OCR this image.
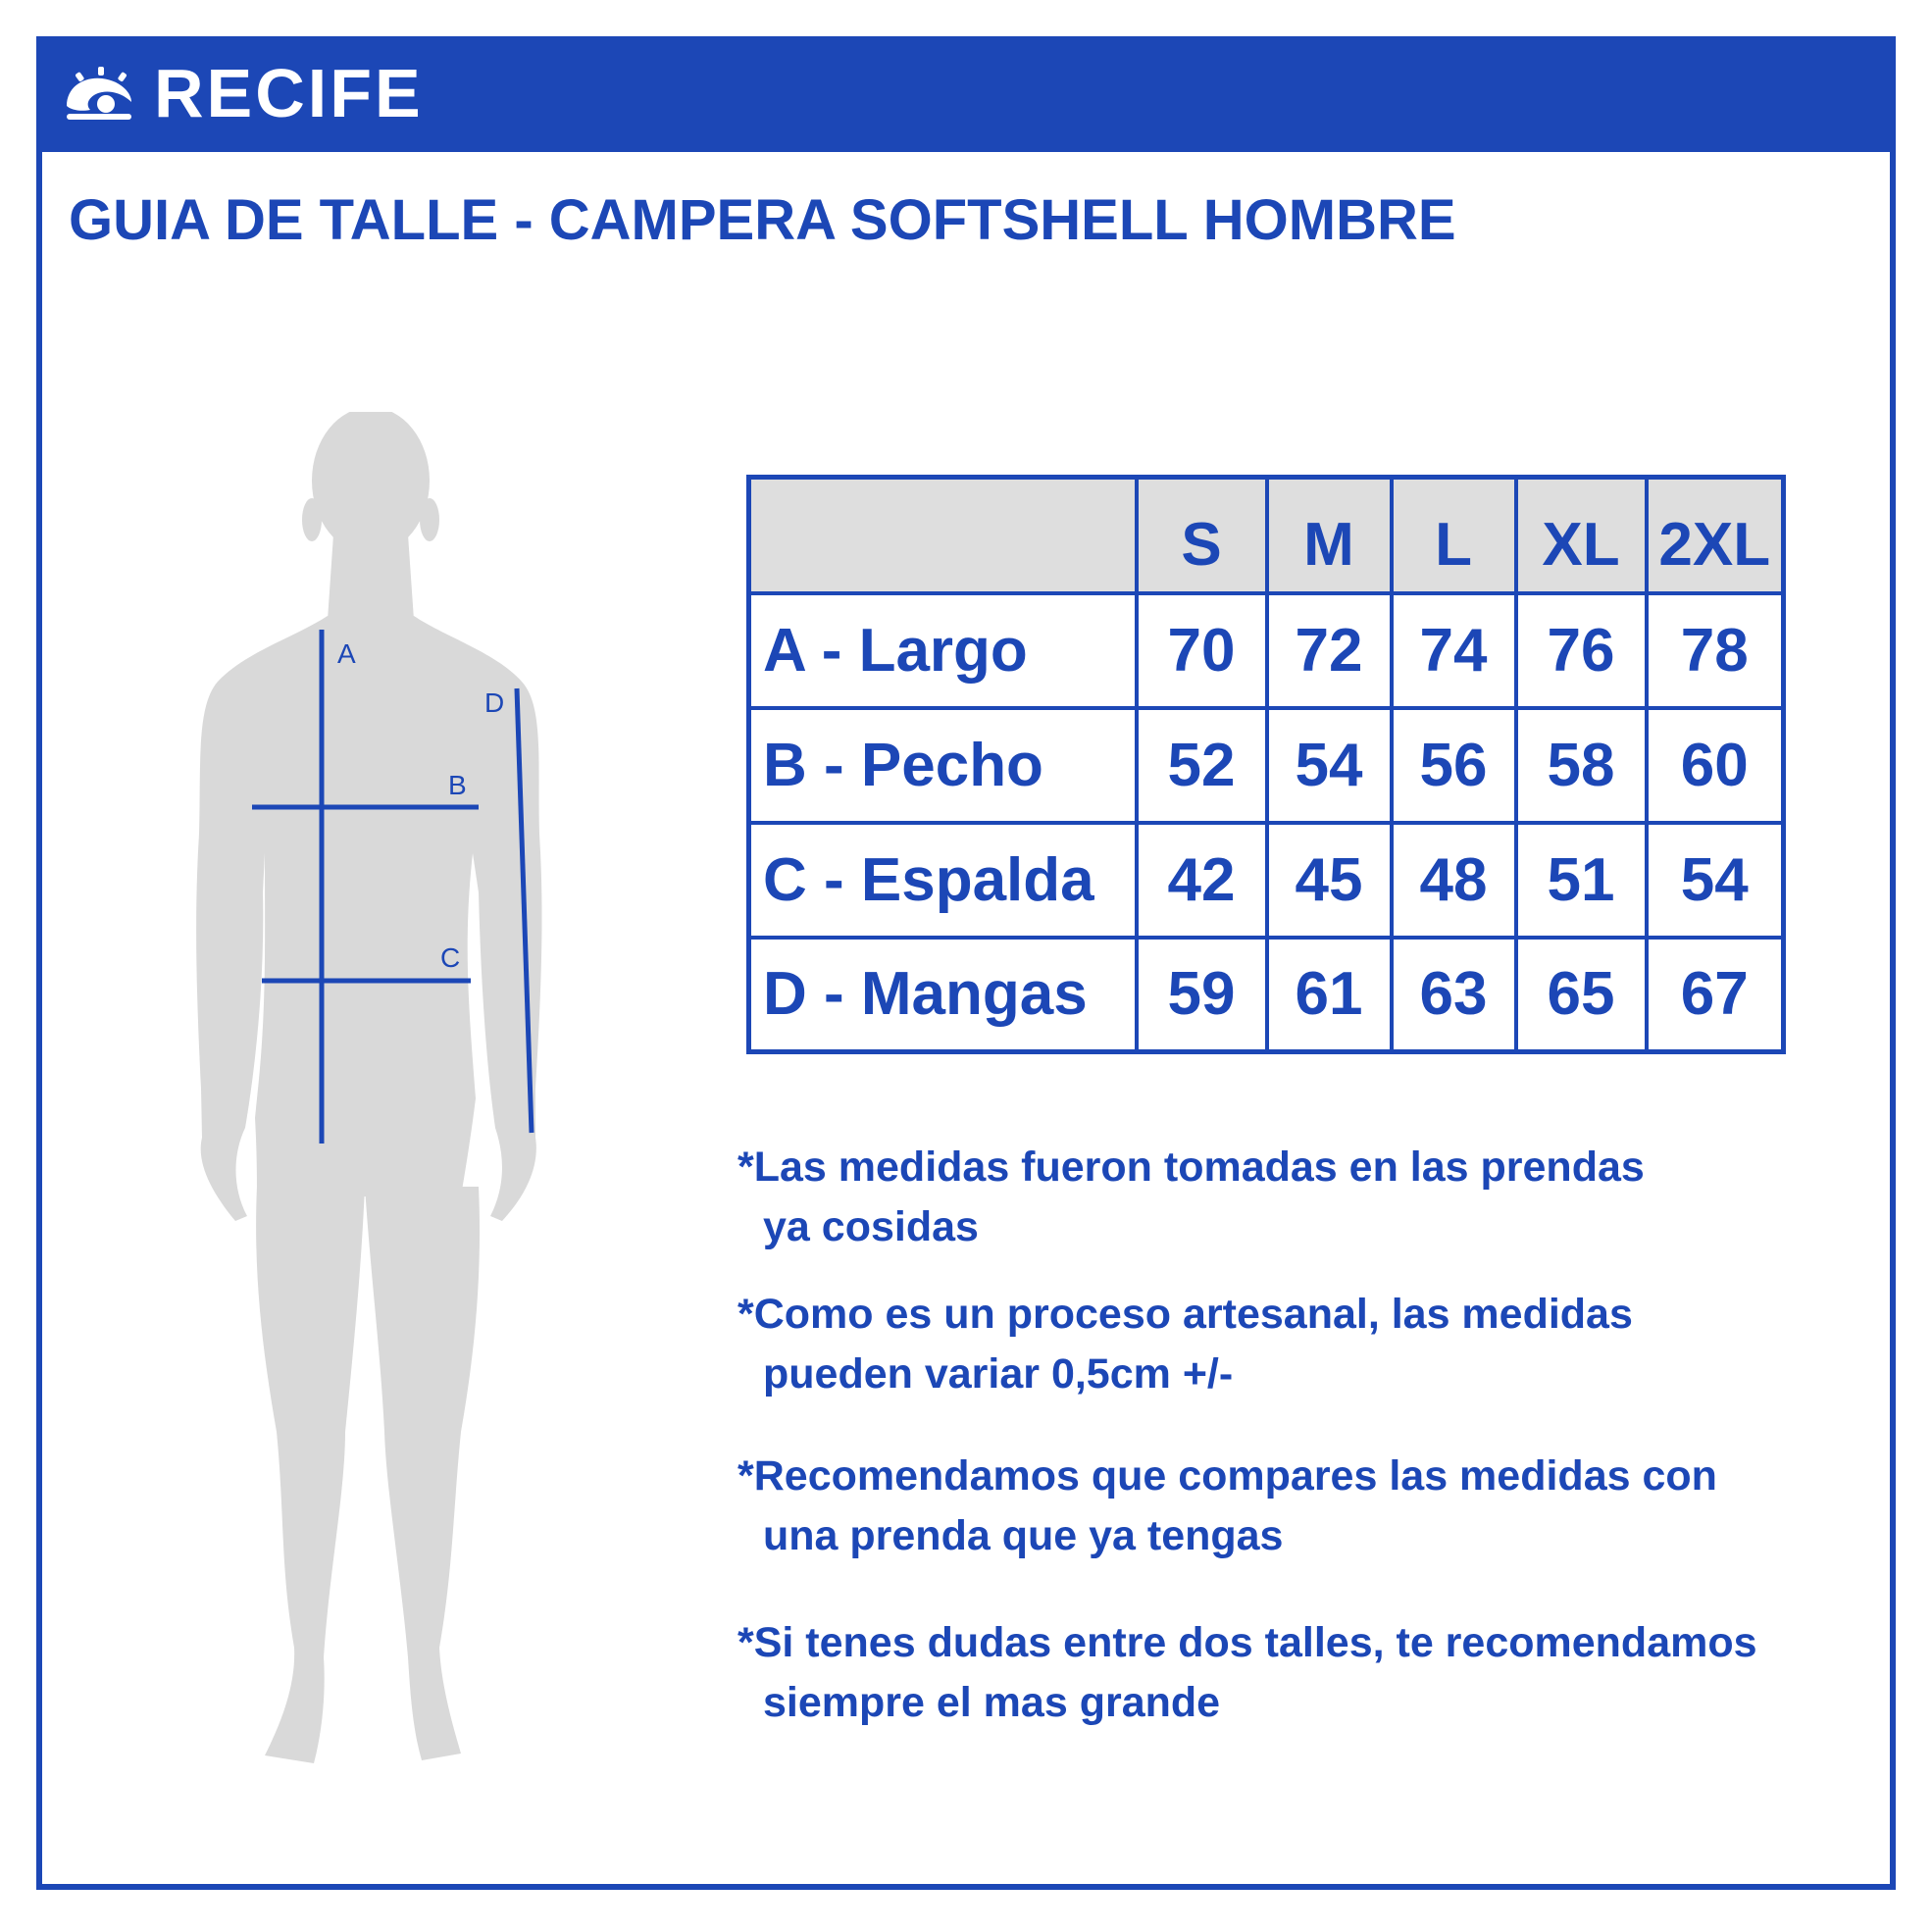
RECIFE
GUIA DE TALLE - CAMPERA SOFTSHELL HOMBRE
A
B
C
D
	S	M	L	XL	2XL
A - Largo	70	72	74	76	78
B - Pecho	52	54	56	58	60
C - Espalda	42	45	48	51	54
D - Mangas	59	61	63	65	67
*Las medidas fueron tomadas en las prendas
ya cosidas
*Como es un proceso artesanal, las medidas
pueden variar 0,5cm +/-
*Recomendamos que compares las medidas con
una prenda que ya tengas
*Si tenes dudas entre dos talles, te recomendamos
siempre el mas grande
